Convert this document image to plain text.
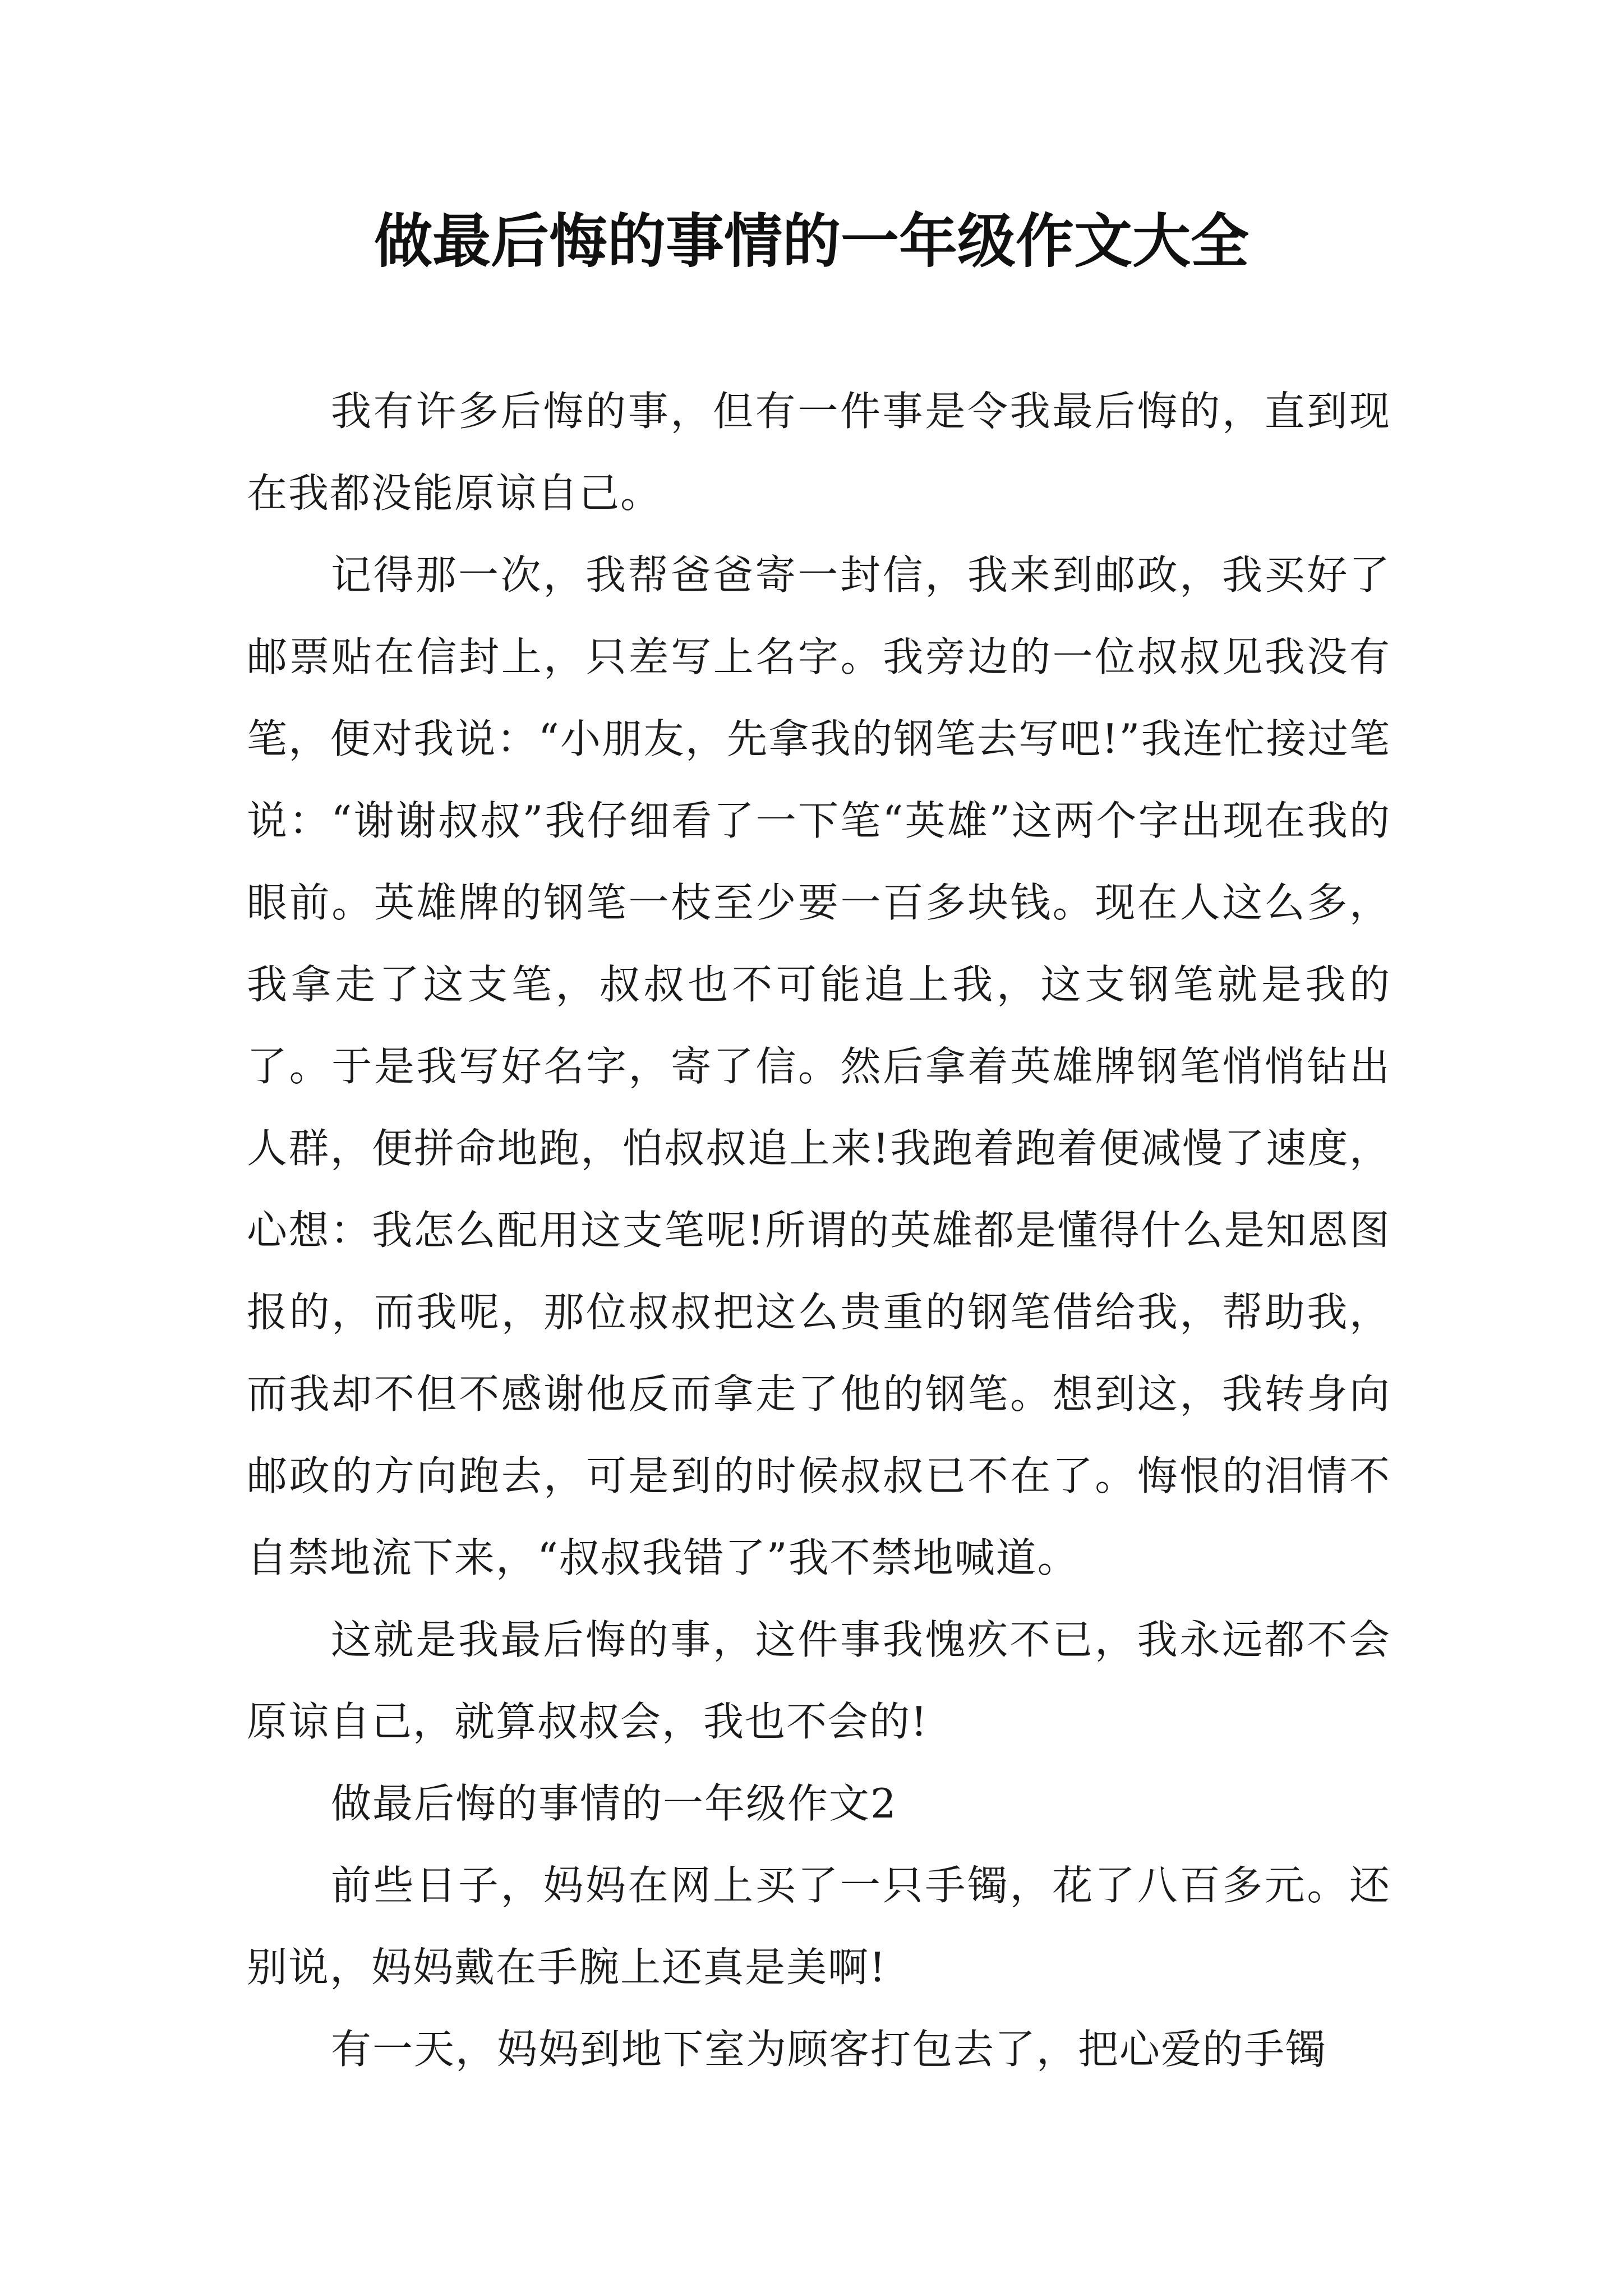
做最后悔的事情的一年级作文大全

我有许多后悔的事，但有一件事是令我最后悔的，直到现在我都没能原谅自己。

记得那一次，我帮爸爸寄一封信，我来到邮政，我买好了邮票贴在信封上，只差写上名字。我旁边的一位叔叔见我没有笔，便对我说：“小朋友，先拿我的钢笔去写吧!”我连忙接过笔说：“谢谢叔叔”我仔细看了一下笔“英雄”这两个字出现在我的眼前。英雄牌的钢笔一枝至少要一百多块钱。现在人这么多，我拿走了这支笔，叔叔也不可能追上我，这支钢笔就是我的了。于是我写好名字，寄了信。然后拿着英雄牌钢笔悄悄钻出人群，便拼命地跑，怕叔叔追上来!我跑着跑着便减慢了速度，心想：我怎么配用这支笔呢!所谓的英雄都是懂得什么是知恩图报的，而我呢，那位叔叔把这么贵重的钢笔借给我，帮助我，而我却不但不感谢他反而拿走了他的钢笔。想到这，我转身向邮政的方向跑去，可是到的时候叔叔已不在了。悔恨的泪情不自禁地流下来，“叔叔我错了”我不禁地喊道。

这就是我最后悔的事，这件事我愧疚不已，我永远都不会原谅自己，就算叔叔会，我也不会的!

做最后悔的事情的一年级作文2

前些日子，妈妈在网上买了一只手镯，花了八百多元。还别说，妈妈戴在手腕上还真是美啊!

有一天，妈妈到地下室为顾客打包去了，把心爱的手镯
